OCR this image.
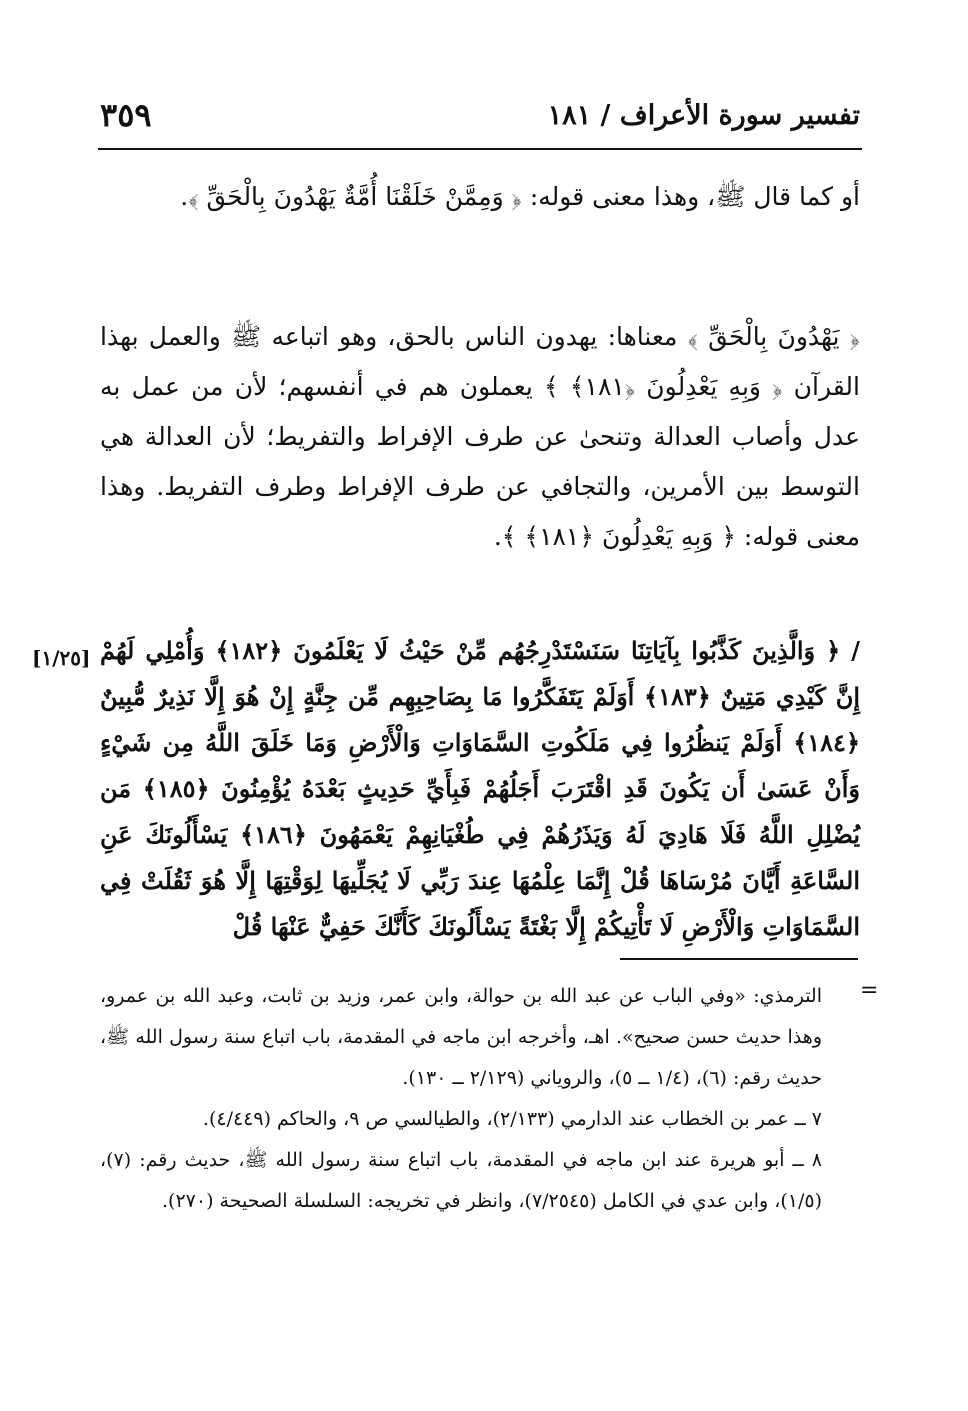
تفسير سورة الأعراف / ١٨١
٣٥٩
أو كما قال ﷺ، وهذا معنى قوله: ﴿ وَمِمَّنْ خَلَقْنَا أُمَّةٌ يَهْدُونَ بِالْحَقِّ ﴾.
﴿ يَهْدُونَ بِالْحَقِّ ﴾ معناها: يهدون الناس بالحق، وهو اتباعه ﷺ والعمل بهذا القرآن ﴿ وَبِهِ يَعْدِلُونَ ﴿١٨١﴾ ﴾ يعملون هم في أنفسهم؛ لأن من عمل به عدل وأصاب العدالة وتنحىٰ عن طرف الإفراط والتفريط؛ لأن العدالة هي التوسط بين الأمرين، والتجافي عن طرف الإفراط وطرف التفريط. وهذا معنى قوله: ﴿ وَبِهِ يَعْدِلُونَ ﴿١٨١﴾ ﴾.
[١/٢٥] / ﴿ وَالَّذِينَ كَذَّبُوا بِآيَاتِنَا سَنَسْتَدْرِجُهُم مِّنْ حَيْثُ لَا يَعْلَمُونَ ﴿١٨٢﴾ وَأُمْلِي لَهُمْ إِنَّ كَيْدِي مَتِينٌ ﴿١٨٣﴾ أَوَلَمْ يَتَفَكَّرُوا مَا بِصَاحِبِهِم مِّن جِنَّةٍ إِنْ هُوَ إِلَّا نَذِيرٌ مُّبِينٌ ﴿١٨٤﴾ أَوَلَمْ يَنظُرُوا فِي مَلَكُوتِ السَّمَاوَاتِ وَالْأَرْضِ وَمَا خَلَقَ اللَّهُ مِن شَيْءٍ وَأَنْ عَسَىٰ أَن يَكُونَ قَدِ اقْتَرَبَ أَجَلُهُمْ فَبِأَيِّ حَدِيثٍ بَعْدَهُ يُؤْمِنُونَ ﴿١٨٥﴾ مَن يُضْلِلِ اللَّهُ فَلَا هَادِيَ لَهُ وَيَذَرُهُمْ فِي طُغْيَانِهِمْ يَعْمَهُونَ ﴿١٨٦﴾ يَسْأَلُونَكَ عَنِ السَّاعَةِ أَيَّانَ مُرْسَاهَا قُلْ إِنَّمَا عِلْمُهَا عِندَ رَبِّي لَا يُجَلِّيهَا لِوَقْتِهَا إِلَّا هُوَ ثَقُلَتْ فِي السَّمَاوَاتِ وَالْأَرْضِ لَا تَأْتِيكُمْ إِلَّا بَغْتَةً يَسْأَلُونَكَ كَأَنَّكَ حَفِيٌّ عَنْهَا قُلْ
=

الترمذي: «وفي الباب عن عبد الله بن حوالة، وابن عمر، وزيد بن ثابت، وعبد الله بن عمرو، وهذا حديث حسن صحيح». اهـ، وأخرجه ابن ماجه في المقدمة، باب اتباع سنة رسول الله ﷺ، حديث رقم: (٦)، (١/٤ ــ ٥)، والروياني (٢/١٢٩ ــ ١٣٠).

٧ ــ عمر بن الخطاب عند الدارمي (٢/١٣٣)، والطيالسي ص ٩، والحاكم (٤/٤٤٩).

٨ ــ أبو هريرة عند ابن ماجه في المقدمة، باب اتباع سنة رسول الله ﷺ، حديث رقم: (٧)، (١/٥)، وابن عدي في الكامل (٧/٢٥٤٥)، وانظر في تخريجه: السلسلة الصحيحة (٢٧٠).
